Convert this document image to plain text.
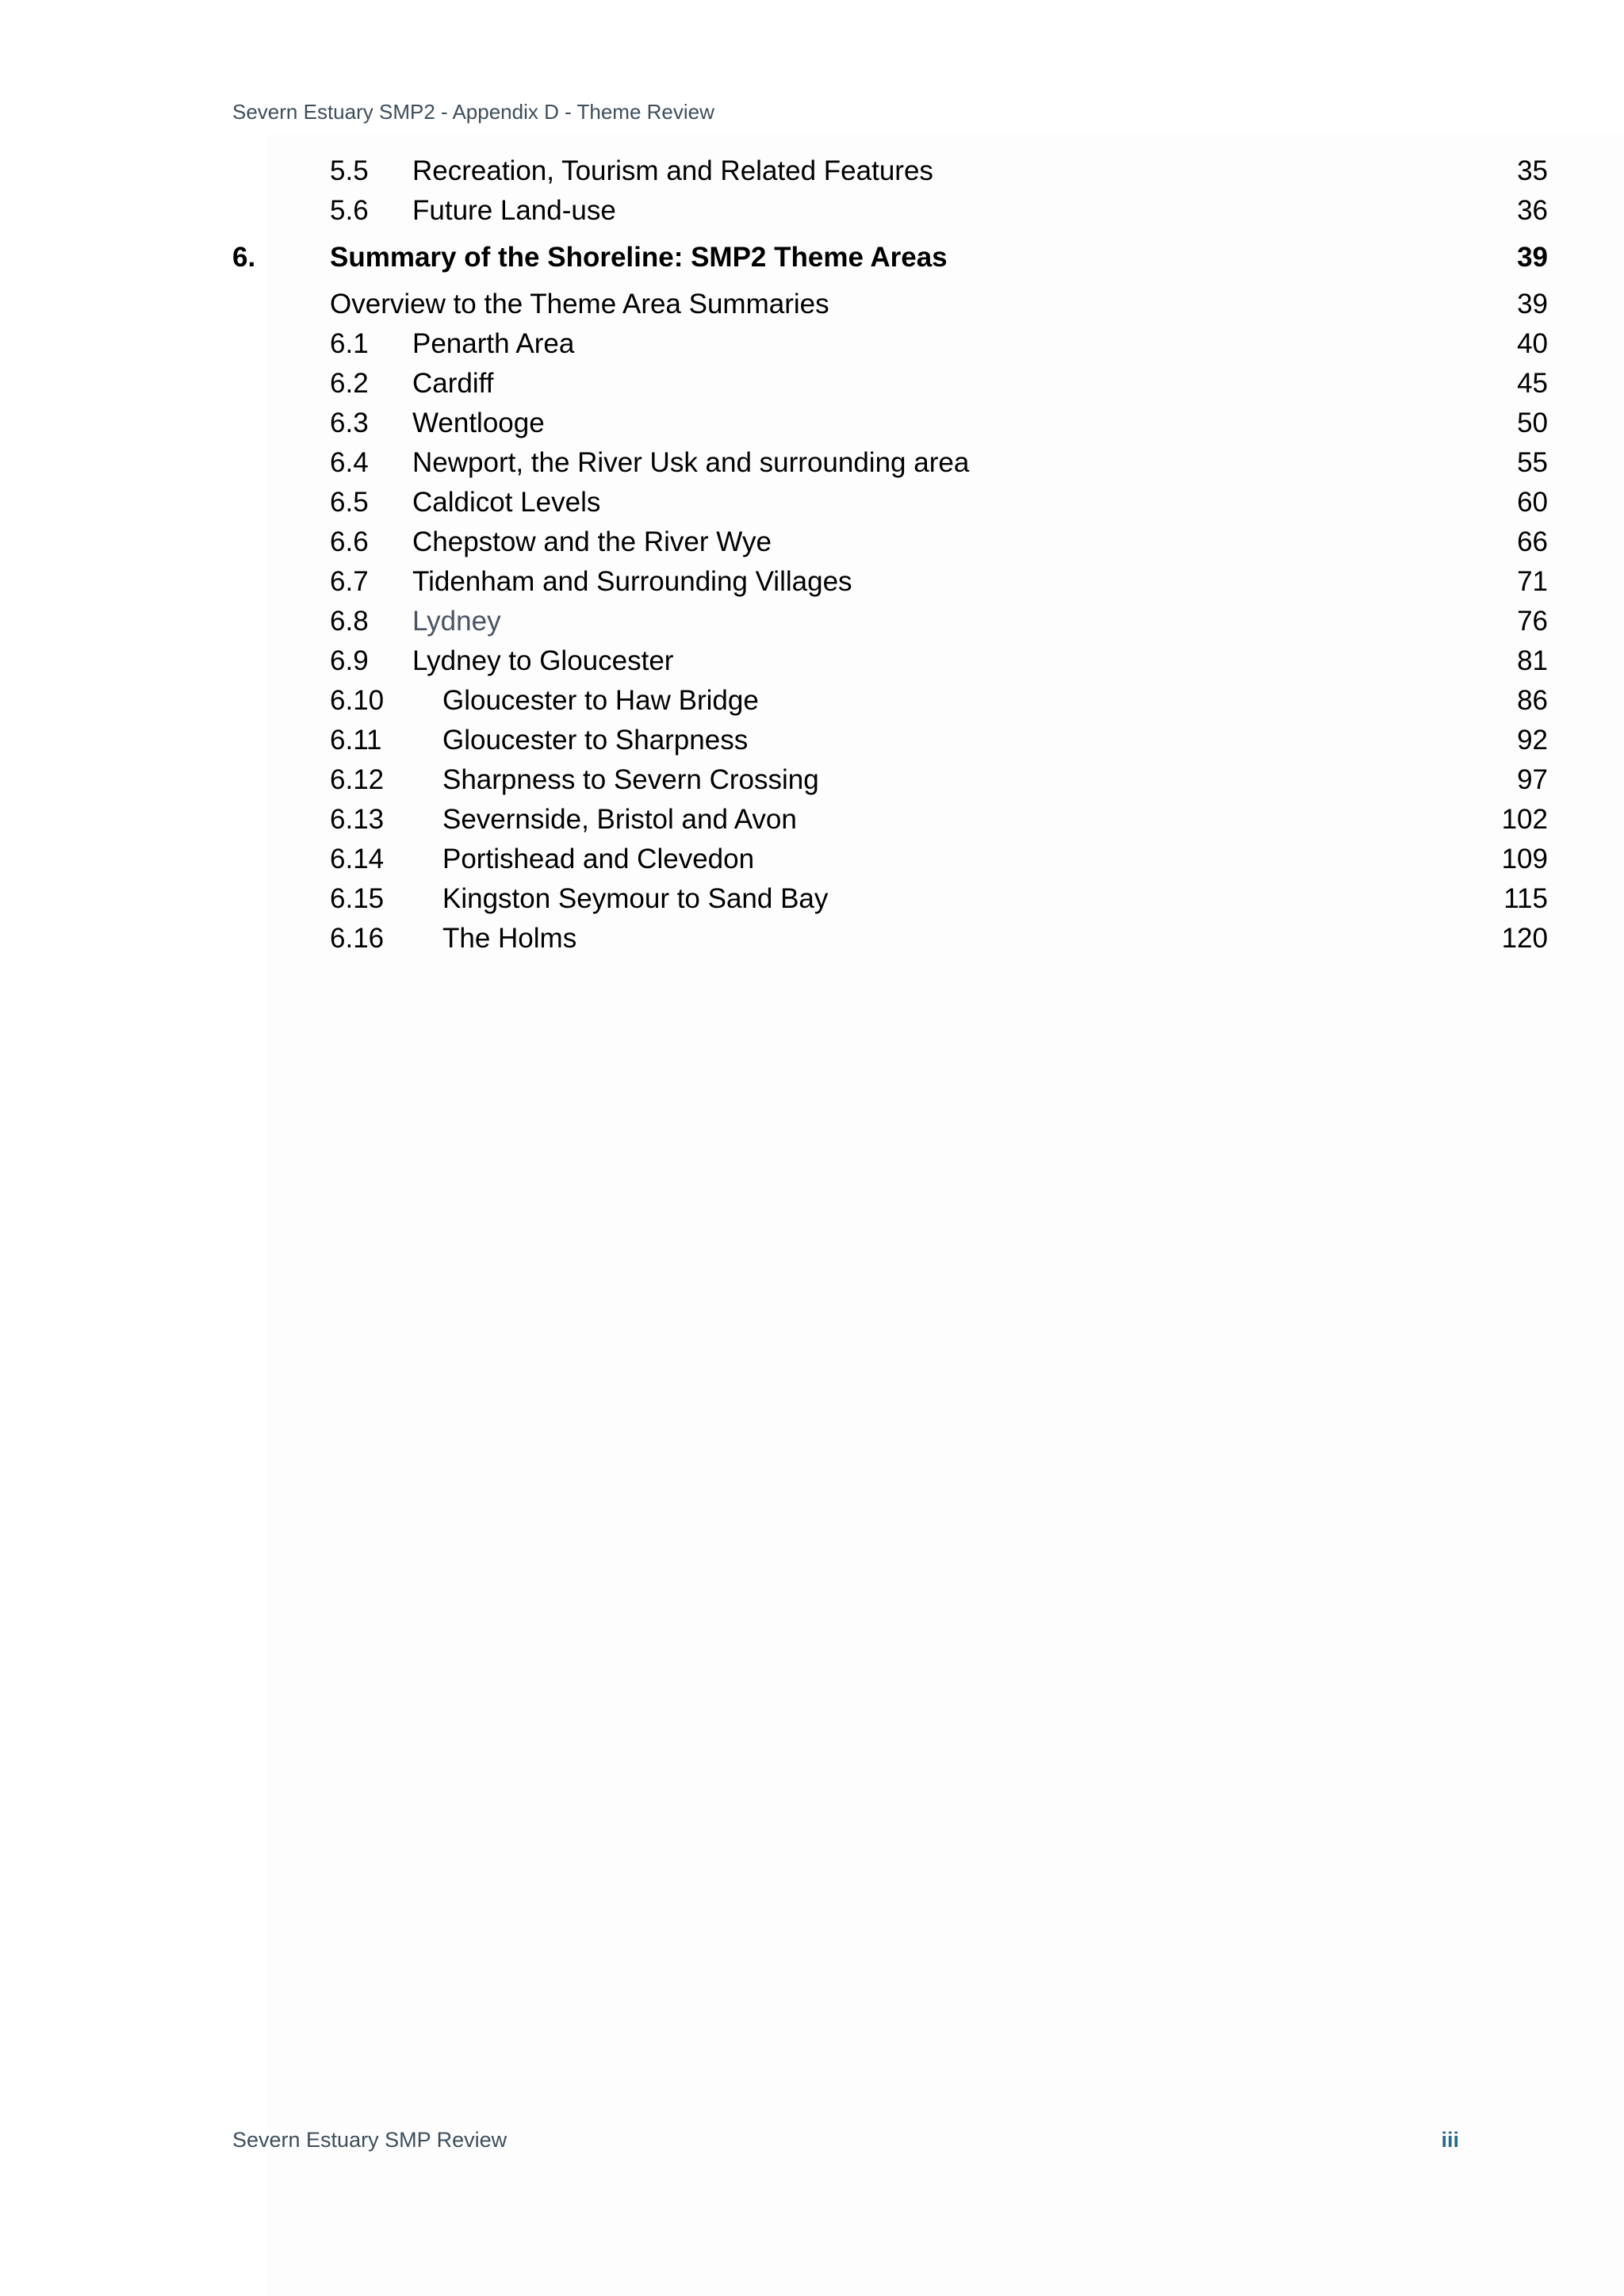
Severn Estuary SMP2 - Appendix D - Theme Review
5.5 Recreation, Tourism and Related Features	35
5.6 Future Land-use	36
6.	Summary of the Shoreline: SMP2 Theme Areas	39
Overview to the Theme Area Summaries	39
6.1 Penarth Area	40
6.2 Cardiff	45
6.3 Wentlooge	50
6.4 Newport, the River Usk and surrounding area	55
6.5 Caldicot Levels	60
6.6 Chepstow and the River Wye	66
6.7 Tidenham and Surrounding Villages	71
6.8 Lydney	76
6.9 Lydney to Gloucester	81
6.10 Gloucester to Haw Bridge	86
6.11 Gloucester to Sharpness	92
6.12 Sharpness to Severn Crossing	97
6.13 Severnside, Bristol and Avon	102
6.14 Portishead and Clevedon	109
6.15 Kingston Seymour to Sand Bay	115
6.16 The Holms	120
Severn Estuary SMP Review	iii
